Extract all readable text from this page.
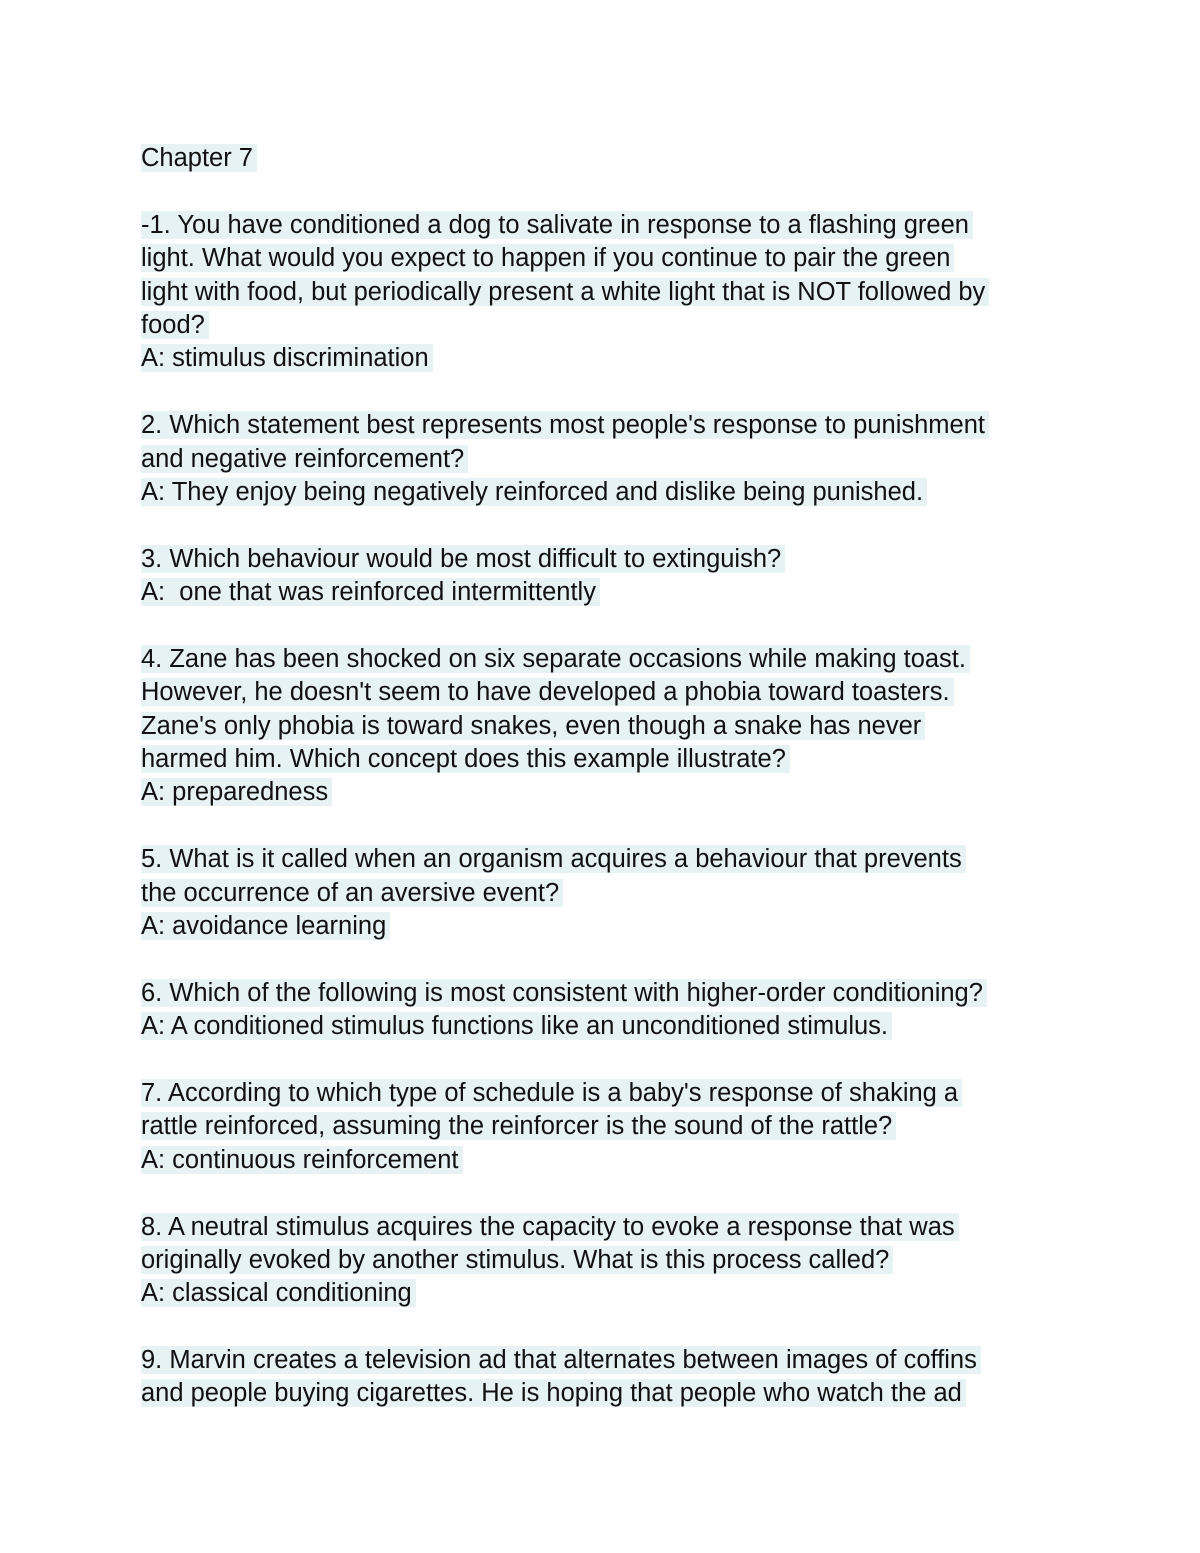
Chapter 7
-1. You have conditioned a dog to salivate in response to a flashing green
light. What would you expect to happen if you continue to pair the green
light with food, but periodically present a white light that is NOT followed by
food?
A: stimulus discrimination
2. Which statement best represents most people's response to punishment
and negative reinforcement?
A: They enjoy being negatively reinforced and dislike being punished.
3. Which behaviour would be most difficult to extinguish?
A:  one that was reinforced intermittently
4. Zane has been shocked on six separate occasions while making toast.
However, he doesn't seem to have developed a phobia toward toasters.
Zane's only phobia is toward snakes, even though a snake has never
harmed him. Which concept does this example illustrate?
A: preparedness
5. What is it called when an organism acquires a behaviour that prevents
the occurrence of an aversive event?
A: avoidance learning
6. Which of the following is most consistent with higher-order conditioning?
A: A conditioned stimulus functions like an unconditioned stimulus.
7. According to which type of schedule is a baby's response of shaking a
rattle reinforced, assuming the reinforcer is the sound of the rattle?
A: continuous reinforcement
8. A neutral stimulus acquires the capacity to evoke a response that was
originally evoked by another stimulus. What is this process called?
A: classical conditioning
9. Marvin creates a television ad that alternates between images of coffins
and people buying cigarettes. He is hoping that people who watch the ad
